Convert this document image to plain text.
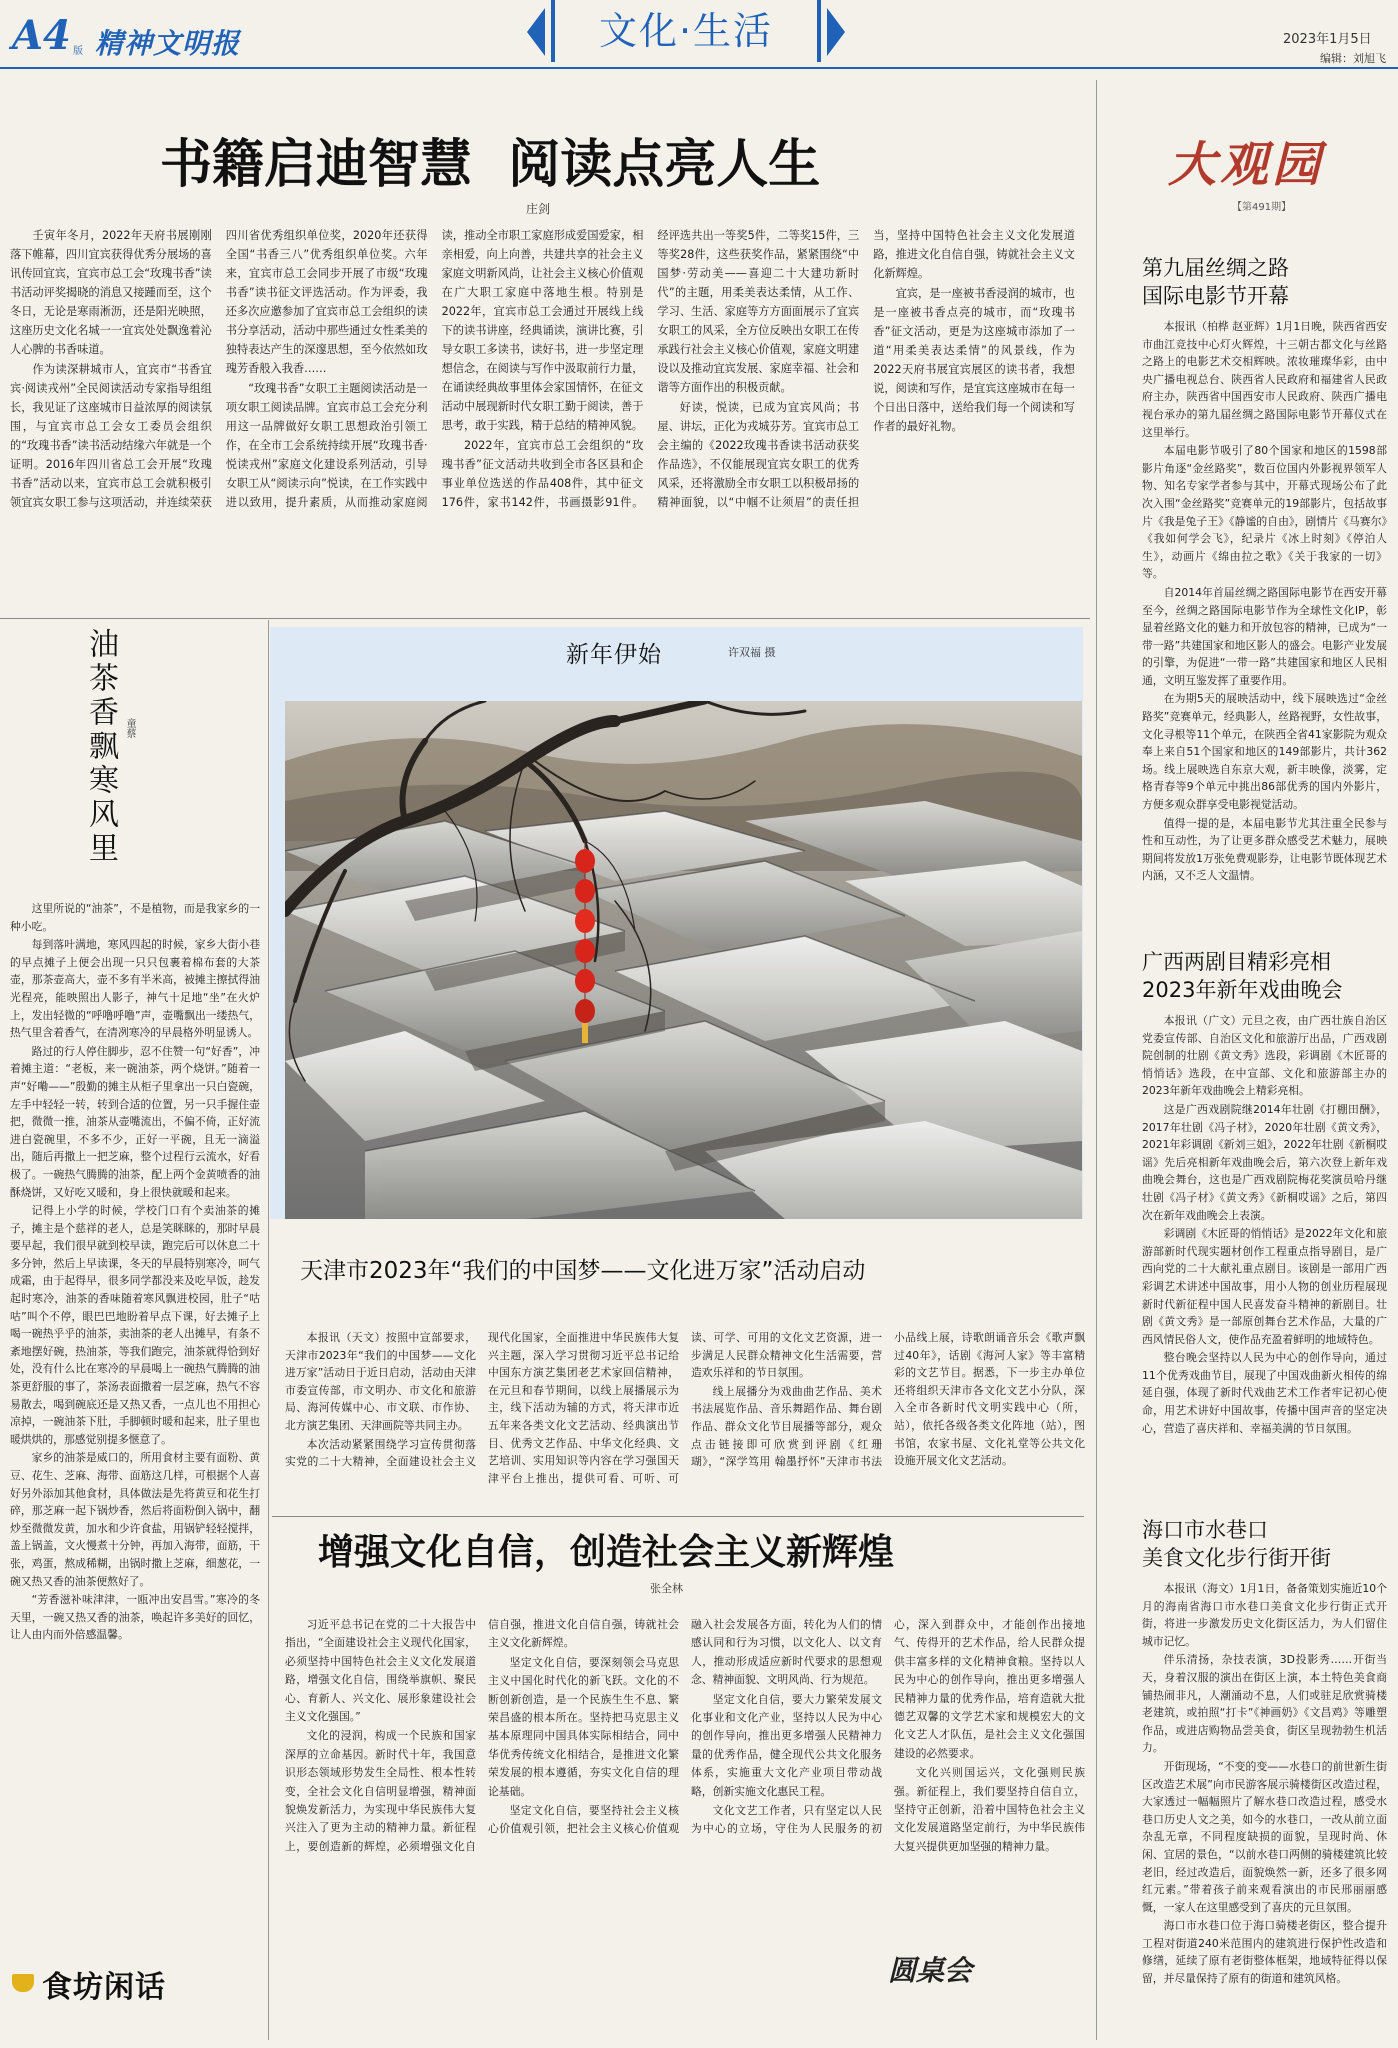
A4 版 精神文明报	文化·生活	2023年1月5日
编辑：刘旭飞
书籍启迪智慧  阅读点亮人生
庄剑

壬寅年冬月，2022年天府书展刚刚落下帷幕，四川宜宾获得优秀分展场的喜讯传回宜宾，宜宾市总工会“玫瑰书香”读书活动评奖揭晓的消息又接踵而至，这个冬日，无论是寒雨淅沥，还是阳光映照，这座历史文化名城一一宜宾处处飘逸着沁人心脾的书香味道。

作为读深耕城市人，宜宾市“书香宜宾·阅读戎州”全民阅读活动专家指导组组长，我见证了这座城市日益浓厚的阅读氛围，与宜宾市总工会女工委员会组织的“玫瑰书香”读书活动结缘六年就是一个证明。2016年四川省总工会开展“玫瑰书香”活动以来，宜宾市总工会就积极引领宜宾女职工参与这项活动，并连续荣获四川省优秀组织单位奖，2020年还获得全国“书香三八”优秀组织单位奖。六年来，宜宾市总工会同步开展了市级“玫瑰书香”读书征文评选活动。作为评委，我还多次应邀参加了宜宾市总工会组织的读书分享活动，活动中那些通过女性柔美的独特表达产生的深邃思想，至今依然如玫瑰芳香般入我香……

“玫瑰书香”女职工主题阅读活动是一项女职工阅读品牌。宜宾市总工会充分利用这一品牌做好女职工思想政治引领工作，在全市工会系统持续开展“玫瑰书香·悦读戎州”家庭文化建设系列活动，引导女职工从“阅读示向”悦读，在工作实践中进以致用，提升素质，从而推动家庭阅读，推动全市职工家庭形成爱国爱家，相亲相爱，向上向善，共建共享的社会主义家庭文明新风尚，让社会主义核心价值观在广大职工家庭中落地生根。特别是2022年，宜宾市总工会通过开展线上线下的读书讲座，经典诵读，演讲比赛，引导女职工多读书，读好书，进一步坚定理想信念，在阅读与写作中汲取前行力量，在诵读经典故事里体会家国情怀，在征文活动中展现新时代女职工勤于阅读，善于思考，敢于实践，精于总结的精神风貌。

2022年，宜宾市总工会组织的“玫瑰书香”征文活动共收到全市各区县和企事业单位选送的作品408件，其中征文176件，家书142件，书画摄影91件。经评选共出一等奖5件，二等奖15件，三等奖28件，这些获奖作品，紧紧围绕“中国梦·劳动美——喜迎二十大建功新时代”的主题，用柔美表达柔情，从工作、学习、生活、家庭等方方面面展示了宜宾女职工的风采，全方位反映出女职工在传承践行社会主义核心价值观，家庭文明建设以及推动宜宾发展、家庭幸福、社会和谐等方面作出的积极贡献。

好读，悦读，已成为宜宾风尚；书屋、讲坛，正化为戎城芬芳。宜宾市总工会主编的《2022玫瑰书香读书活动获奖作品选》，不仅能展现宜宾女职工的优秀风采，还将激励全市女职工以积极昂扬的精神面貌，以“中帼不让须眉”的责任担当，坚持中国特色社会主义文化发展道路，推进文化自信自强，铸就社会主义文化新辉煌。

宜宾，是一座被书香浸润的城市，也是一座被书香点亮的城市，而“玫瑰书香”征文活动，更是为这座城市添加了一道“用柔美表达柔情”的风景线，作为2022天府书展宜宾展区的读书者，我想说，阅读和写作，是宜宾这座城市在每一个日出日落中，送给我们每一个阅读和写作者的最好礼物。

大观园
【第491期】
第九届丝绸之路
国际电影节开幕

本报讯（柏桦 赵亚辉）1月1日晚，陕西省西安市曲江竞技中心灯火辉煌，十三朝古都文化与丝路之路上的电影艺术交相辉映。浓妆璀璨华彩，由中央广播电视总台、陕西省人民政府和福建省人民政府主办，陕西省中国西安市人民政府、陕西广播电视台承办的第九届丝绸之路国际电影节开幕仪式在这里举行。

本届电影节吸引了80个国家和地区的1598部影片角逐“金丝路奖”，数百位国内外影视界领军人物、知名专家学者参与其中，开幕式现场公布了此次入围“金丝路奖”竞赛单元的19部影片，包括故事片《我是兔子王》《静谧的自由》，剧情片《马赛尔》《我如何学会飞》，纪录片《冰上时刻》《停泊人生》，动画片《绵由拉之歌》《关于我家的一切》等。

自2014年首届丝绸之路国际电影节在西安开幕至今，丝绸之路国际电影节作为全球性文化IP，彰显着丝路文化的魅力和开放包容的精神，已成为“一带一路”共建国家和地区影人的盛会。电影产业发展的引擎，为促进“一带一路”共建国家和地区人民相通，文明互鉴发挥了重要作用。

在为期5天的展映活动中，线下展映选过“金丝路奖”竞赛单元，经典影人，丝路视野，女性故事，文化寻根等11个单元，在陕西全省41家影院为观众奉上来自51个国家和地区的149部影片，共计362场。线上展映选自东京大观，新丰映像，淡雾，定格青春等9个单元中挑出86部优秀的国内外影片，方便多观众群享受电影视觉活动。

值得一提的是，本届电影节尤其注重全民参与性和互动性，为了让更多群众感受艺术魅力，展映期间将发放1万张免费观影券，让电影节既体现艺术内涵，又不乏人文温情。

广西两剧目精彩亮相
2023年新年戏曲晚会

本报讯（广文）元旦之夜，由广西壮族自治区党委宣传部、自治区文化和旅游厅出品，广西戏剧院创制的壮剧《黄文秀》选段，彩调剧《木匠哥的悄悄话》选段，在中宣部、文化和旅游部主办的2023年新年戏曲晚会上精彩亮相。

这是广西戏剧院继2014年壮剧《打棚田酬》，2017年壮剧《冯子材》，2020年壮剧《黄文秀》，2021年彩调剧《新刘三姐》，2022年壮剧《新桐哎谣》先后亮相新年戏曲晚会后，第六次登上新年戏曲晚会舞台，这也是广西戏剧院梅花奖演员哈丹继壮剧《冯子材》《黄文秀》《新桐哎谣》之后，第四次在新年戏曲晚会上表演。

彩调剧《木匠哥的悄悄话》是2022年文化和旅游部新时代现实题材创作工程重点指导剧目，是广西向党的二十大献礼重点剧目。该剧是一部用广西彩调艺术讲述中国故事，用小人物的创业历程展现新时代新征程中国人民喜发奋斗精神的新剧目。壮剧《黄文秀》是一部原创舞台艺术作品，大量的广西风情民俗人文，使作品充盈着鲜明的地域特色。

整台晚会坚持以人民为中心的创作导向，通过11个优秀戏曲节目，展现了中国戏曲新火相传的绵延自强，体现了新时代戏曲艺术工作者牢记初心使命，用艺术讲好中国故事，传播中国声音的坚定决心，营造了喜庆祥和、幸福美满的节日氛围。

海口市水巷口
美食文化步行街开街

本报讯（海文）1月1日，备备策划实施近10个月的海南省海口市水巷口美食文化步行街正式开街，将进一步激发历史文化街区活力，为人们留住城市记忆。

伴乐清扬，杂技表演，3D投影秀……开街当天，身着汉服的演出在街区上演，本土特色美食商铺热闹非凡，人潮涌动不息，人们或驻足欣赏骑楼老建筑，或拍照“打卡”《神画奶》《文昌鸡》等雕塑作品，或进店购物品尝美食，街区呈现勃勃生机活力。

开街现场，“不变的变——水巷口的前世新生街区改造艺术展”向市民游客展示骑楼街区改造过程，大家透过一幅幅照片了解水巷口改造过程，感受水巷口历史人文之美，如今的水巷口，一改从前立面杂乱无章，不同程度缺损的面貌，呈现时尚、休闲、宜居的景色，“以前水巷口两侧的骑楼建筑比较老旧，经过改造后，面貌焕然一新，还多了很多网红元素。”带着孩子前来观看演出的市民邢丽丽感慨，一家人在这里感受到了喜庆的元旦氛围。

海口市水巷口位于海口骑楼老街区，整合提升工程对街道240米范围内的建筑进行保护性改造和修缮，延续了原有老街整体框架，地域特征得以保留，并尽量保持了原有的街道和建筑风格。

油茶香飘寒风里 童蔡

这里所说的“油茶”，不是植物，而是我家乡的一种小吃。

每到落叶满地，寒风四起的时候，家乡大街小巷的早点摊子上便会出现一只只包裹着棉布套的大茶壶，那茶壶高大，壶不多有半米高，被摊主擦拭得油光程亮，能映照出人影子，神气十足地“坐”在火炉上，发出轻微的“呼噜呼噜”声，壶嘴飘出一缕热气，热气里含着香气，在清冽寒冷的早晨格外明显诱人。

路过的行人停住脚步，忍不住赞一句“好香”，冲着摊主道：“老板，来一碗油茶，两个烧饼。”随着一声“好嘞——”殷勤的摊主从柜子里拿出一只白瓷碗，左手中轻轻一转，转到合适的位置，另一只手握住壶把，微微一推，油茶从壶嘴流出，不偏不倚，正好流进白瓷碗里，不多不少，正好一平碗，且无一滴溢出，随后再撒上一把芝麻，整个过程行云流水，好看极了。一碗热气腾腾的油茶，配上两个金黄喷香的油酥烧饼，又好吃又暖和，身上很快就暖和起来。

记得上小学的时候，学校门口有个卖油茶的摊子，摊主是个慈祥的老人，总是笑眯眯的，那时早晨要早起，我们很早就到校早读，跑完后可以休息二十多分钟，然后上早读课，冬天的早晨特别寒冷，呵气成霜，由于起得早，很多同学都没来及吃早饭，趁发起时寒冷，油茶的香味随着寒风飘进校园，肚子“咕咕”叫个不停，眼巴巴地盼着早点下课，好去摊子上喝一碗热乎乎的油茶，卖油茶的老人出摊早，有条不紊地摆好碗，热油茶，等我们跑完，油茶就得恰到好处，没有什么比在寒冷的早晨喝上一碗热气腾腾的油茶更舒服的事了，茶汤表面撒着一层芝麻，热气不容易散去，喝到碗底还是又热又香，一点儿也不用担心凉掉，一碗油茶下肚，手脚顿时暖和起来，肚子里也暖烘烘的，那感觉别提多惬意了。

家乡的油茶是威口的，所用食材主要有面粉、黄豆、花生、芝麻、海带、面筋这几样，可根据个人喜好另外添加其他食材，具体做法是先将黄豆和花生打碎，那芝麻一起下锅炒香，然后将面粉倒入锅中，翻炒至微微发黄，加水和少许食盐，用锅铲轻轻搅拌，盖上锅盖，文火慢煮十分钟，再加入海带，面筋，干张，鸡蛋，熬成稀糊，出锅时撒上芝麻，细葱花，一碗又热又香的油茶便熬好了。

“芳香滋补味津津，一瓯冲出安昌雪。”寒冷的冬天里，一碗又热又香的油茶，唤起许多美好的回忆，让人由内而外倍感温馨。

食坊闲话
新年伊始	许双福 摄
天津市2023年“我们的中国梦——文化进万家”活动启动

本报讯（天文）按照中宣部要求，天津市2023年“我们的中国梦——文化进万家”活动日于近日启动，活动由天津市委宣传部，市文明办、市文化和旅游局、海河传媒中心、市文联、市作协、北方演艺集团、天津画院等共同主办。

本次活动紧紧围绕学习宣传贯彻落实党的二十大精神，全面建设社会主义现代化国家，全面推进中华民族伟大复兴主题，深入学习贯彻习近平总书记给中国东方演艺集团老艺术家回信精神，在元旦和春节期间，以线上展播展示为主，线下活动为辅的方式，将天津市近五年来各类文化文艺活动、经典演出节目、优秀文艺作品、中华文化经典、文艺培训、实用知识等内容在学习强国天津平台上推出，提供可看、可听、可读、可学、可用的文化文艺资源，进一步满足人民群众精神文化生活需要，营造欢乐祥和的节日氛围。

线上展播分为戏曲曲艺作品、美术书法展览作品、音乐舞蹈作品、舞台剧作品、群众文化节目展播等部分，观众点击链接即可欣赏到评剧《红珊瑚》，“深学笃用 翰墨抒怀”天津市书法小品线上展，诗歌朗诵音乐会《歌声飘过40年》，话剧《海河人家》等丰富精彩的文艺节目。据悉，下一步主办单位还将组织天津市各文化文艺小分队，深入全市各新时代文明实践中心（所，站），依托各级各类文化阵地（站），图书馆，农家书屋、文化礼堂等公共文化设施开展文化文艺活动。

增强文化自信，创造社会主义新辉煌
张全林

习近平总书记在党的二十大报告中指出，“全面建设社会主义现代化国家，必须坚持中国特色社会主义文化发展道路，增强文化自信，围绕举旗帜、聚民心、育新人、兴文化、展形象建设社会主义文化强国。”

文化的浸润，构成一个民族和国家深厚的立命基因。新时代十年，我国意识形态领域形势发生全局性、根本性转变，全社会文化自信明显增强，精神面貌焕发新活力，为实现中华民族伟大复兴注入了更为主动的精神力量。新征程上，要创造新的辉煌，必须增强文化自信自强，推进文化自信自强，铸就社会主义文化新辉煌。

坚定文化自信，要深刻领会马克思主义中国化时代化的新飞跃。文化的不断创新创造，是一个民族生生不息、繁荣昌盛的根本所在。坚持把马克思主义基本原理同中国具体实际相结合，同中华优秀传统文化相结合，是推进文化繁荣发展的根本遵循，夯实文化自信的理论基础。

坚定文化自信，要坚持社会主义核心价值观引领，把社会主义核心价值观融入社会发展各方面，转化为人们的情感认同和行为习惯，以文化人、以文育人，推动形成适应新时代要求的思想观念、精神面貌、文明风尚、行为规范。

坚定文化自信，要大力繁荣发展文化事业和文化产业，坚持以人民为中心的创作导向，推出更多增强人民精神力量的优秀作品，健全现代公共文化服务体系，实施重大文化产业项目带动战略，创新实施文化惠民工程。

文化文艺工作者，只有坚定以人民为中心的立场，守住为人民服务的初心，深入到群众中，才能创作出接地气、传得开的艺术作品，给人民群众提供丰富多样的文化精神食粮。坚持以人民为中心的创作导向，推出更多增强人民精神力量的优秀作品，培育造就大批德艺双馨的文学艺术家和规模宏大的文化文艺人才队伍，是社会主义文化强国建设的必然要求。

文化兴则国运兴，文化强则民族强。新征程上，我们要坚持自信自立，坚持守正创新，沿着中国特色社会主义文化发展道路坚定前行，为中华民族伟大复兴提供更加坚强的精神力量。

圆桌会
